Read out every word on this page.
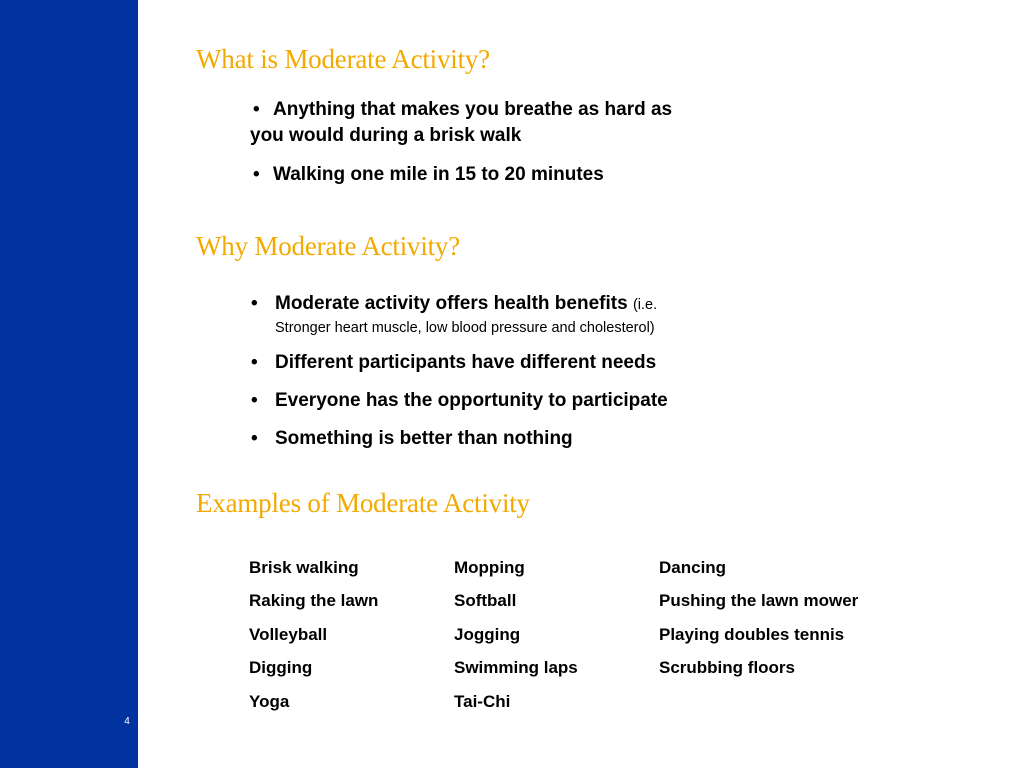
4
What is Moderate Activity?
• Anything that makes you breathe as hard as
you would during a brisk walk
• Walking one mile in 15 to 20 minutes
Why Moderate Activity?
• Moderate activity offers health benefits (i.e.
Stronger heart muscle, low blood pressure and cholesterol)
• Different participants have different needs
• Everyone has the opportunity to participate
• Something is better than nothing
Examples of Moderate Activity
Brisk walking	Mopping	Dancing
Raking the lawn	Softball	Pushing the lawn mower
Volleyball	Jogging	Playing doubles tennis
Digging	Swimming laps	Scrubbing floors
Yoga	Tai-Chi	
